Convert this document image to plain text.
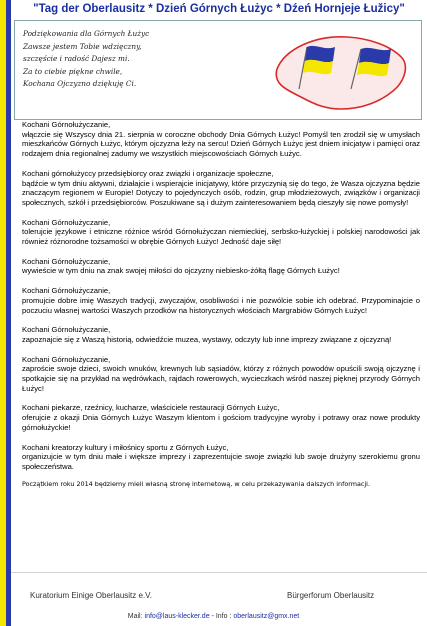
"Tag der Oberlausitz * Dzień Górnych Łużyc * Dźeń Hornjeje Łužicy"
Podziękowania dla Górnych Łużyc
Zawsze jestem Tobie wdzięczny,
szczęście i radość Dajesz mi.
Za to ciebie piękne chwile,
Kochana Ojczyzno dziękuję Ci.
Kochani Górnołużyczanie,
włączcie się Wszyscy dnia 21. sierpnia w coroczne obchody Dnia Górnych Łużyc! Pomyśl ten zrodził się w umysłach mieszkańców Górnych Łużyc, którym ojczyzna leży na sercu! Dzień Górnych Łużyc jest dniem inicjatyw i pamięci oraz rodzajem dnia regionalnej zadumy we wszystkich miejscowościach Górnych Łużyc.
Kochani górnołużyccy przedsiębiorcy oraz związki i organizacje społeczne,
bądźcie w tym dniu aktywni, działajcie i wspierajcie inicjatywy, które przyczynią się do tego, że Wasza ojczyzna będzie znaczącym regionem w Europie! Dotyczy to pojedynczych osób, rodzin, grup młodzieżowych, związków i organizacji społecznych, szkół i przedsiębiorców. Poszukiwane są i dużym zainteresowaniem będą cieszyły się nowe pomysły!
Kochani Górnołużyczanie,
tolerujcie językowe i etniczne różnice wśród Górnołużyczan niemieckiej, serbsko-łużyckiej i polskiej narodowości jak również różnorodne tożsamości w obrębie Górnych Łużyc! Jedność daje siłę!
Kochani Górnołużyczanie,
wywieście w tym dniu na znak swojej miłości do ojczyzny niebiesko-żółtą flagę Górnych Łużyc!
Kochani Górnołużyczanie,
promujcie dobre imię Waszych tradycji, zwyczajów, osobliwości i nie pozwólcie sobie ich odebrać. Przypominajcie o poczuciu własnej wartości Waszych przodków na historycznych włościach Margrabiów Górnych Łużyc!
Kochani Górnołużyczanie,
zapoznajcie się z Waszą historią, odwiedźcie muzea, wystawy, odczyty lub inne imprezy związane z ojczyzną!
Kochani Górnołużyczanie,
zaproście swoje dzieci, swoich wnuków, krewnych lub sąsiadów, którzy z różnych powodów opuścili swoją ojczyznę i spotkajcie się na przykład na wędrówkach, rajdach rowerowych, wycieczkach wśród naszej pięknej przyrody Górnych Łużyc!
Kochani piekarze, rzeźnicy, kucharze, właściciele restauracji Górnych Łużyc,
oferujcie z okazji Dnia Górnych Łużyc Waszym klientom i gościom tradycyjne wyroby i potrawy oraz nowe produkty górnołużyckie!
Kochani kreatorzy kultury i miłośnicy sportu z Górnych Łużyc,
organizujcie w tym dniu małe i większe imprezy i zaprezentujcie swoje związki lub swoje drużyny szerokiemu gronu społeczeństwa.
Początkiem roku 2014 będziemy mieli własną stronę internetową, w celu przekazywania dalszych informacji.
Kuratorium Einige Oberlausitz e.V.	Bürgerforum Oberlausitz
Mail: info@laus-klecker.de - Info : oberlausitz@gmx.net
